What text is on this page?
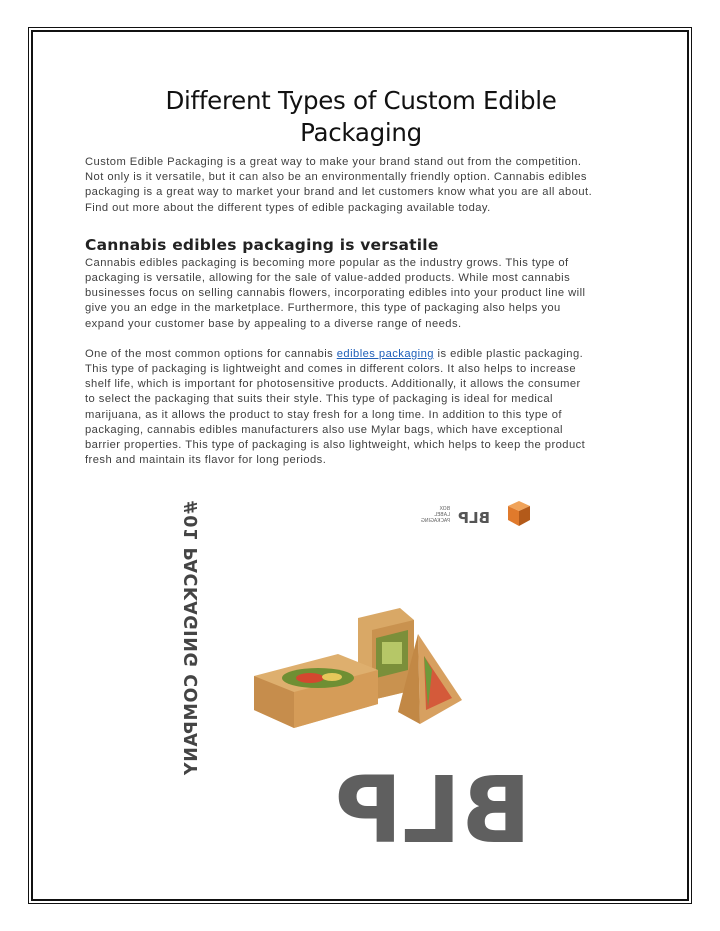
Different Types of Custom Edible
Packaging

Custom Edible Packaging is a great way to make your brand stand out from the competition.
Not only is it versatile, but it can also be an environmentally friendly option. Cannabis edibles
packaging is a great way to market your brand and let customers know what you are all about.
Find out more about the different types of edible packaging available today.

Cannabis edibles packaging is versatile

Cannabis edibles packaging is becoming more popular as the industry grows. This type of
packaging is versatile, allowing for the sale of value-added products. While most cannabis
businesses focus on selling cannabis flowers, incorporating edibles into your product line will
give you an edge in the marketplace. Furthermore, this type of packaging also helps you
expand your customer base by appealing to a diverse range of needs.

One of the most common options for cannabis edibles packaging is edible plastic packaging.
This type of packaging is lightweight and comes in different colors. It also helps to increase
shelf life, which is important for photosensitive products. Additionally, it allows the consumer
to select the packaging that suits their style. This type of packaging is ideal for medical
marijuana, as it allows the product to stay fresh for a long time. In addition to this type of
packaging, cannabis edibles manufacturers also use Mylar bags, which have exceptional
barrier properties. This type of packaging is also lightweight, which helps to keep the product
fresh and maintain its flavor for long periods.

#01 PACKAGING COMPANY	BOX
LABEL
PACKAGING BLP
BLP
